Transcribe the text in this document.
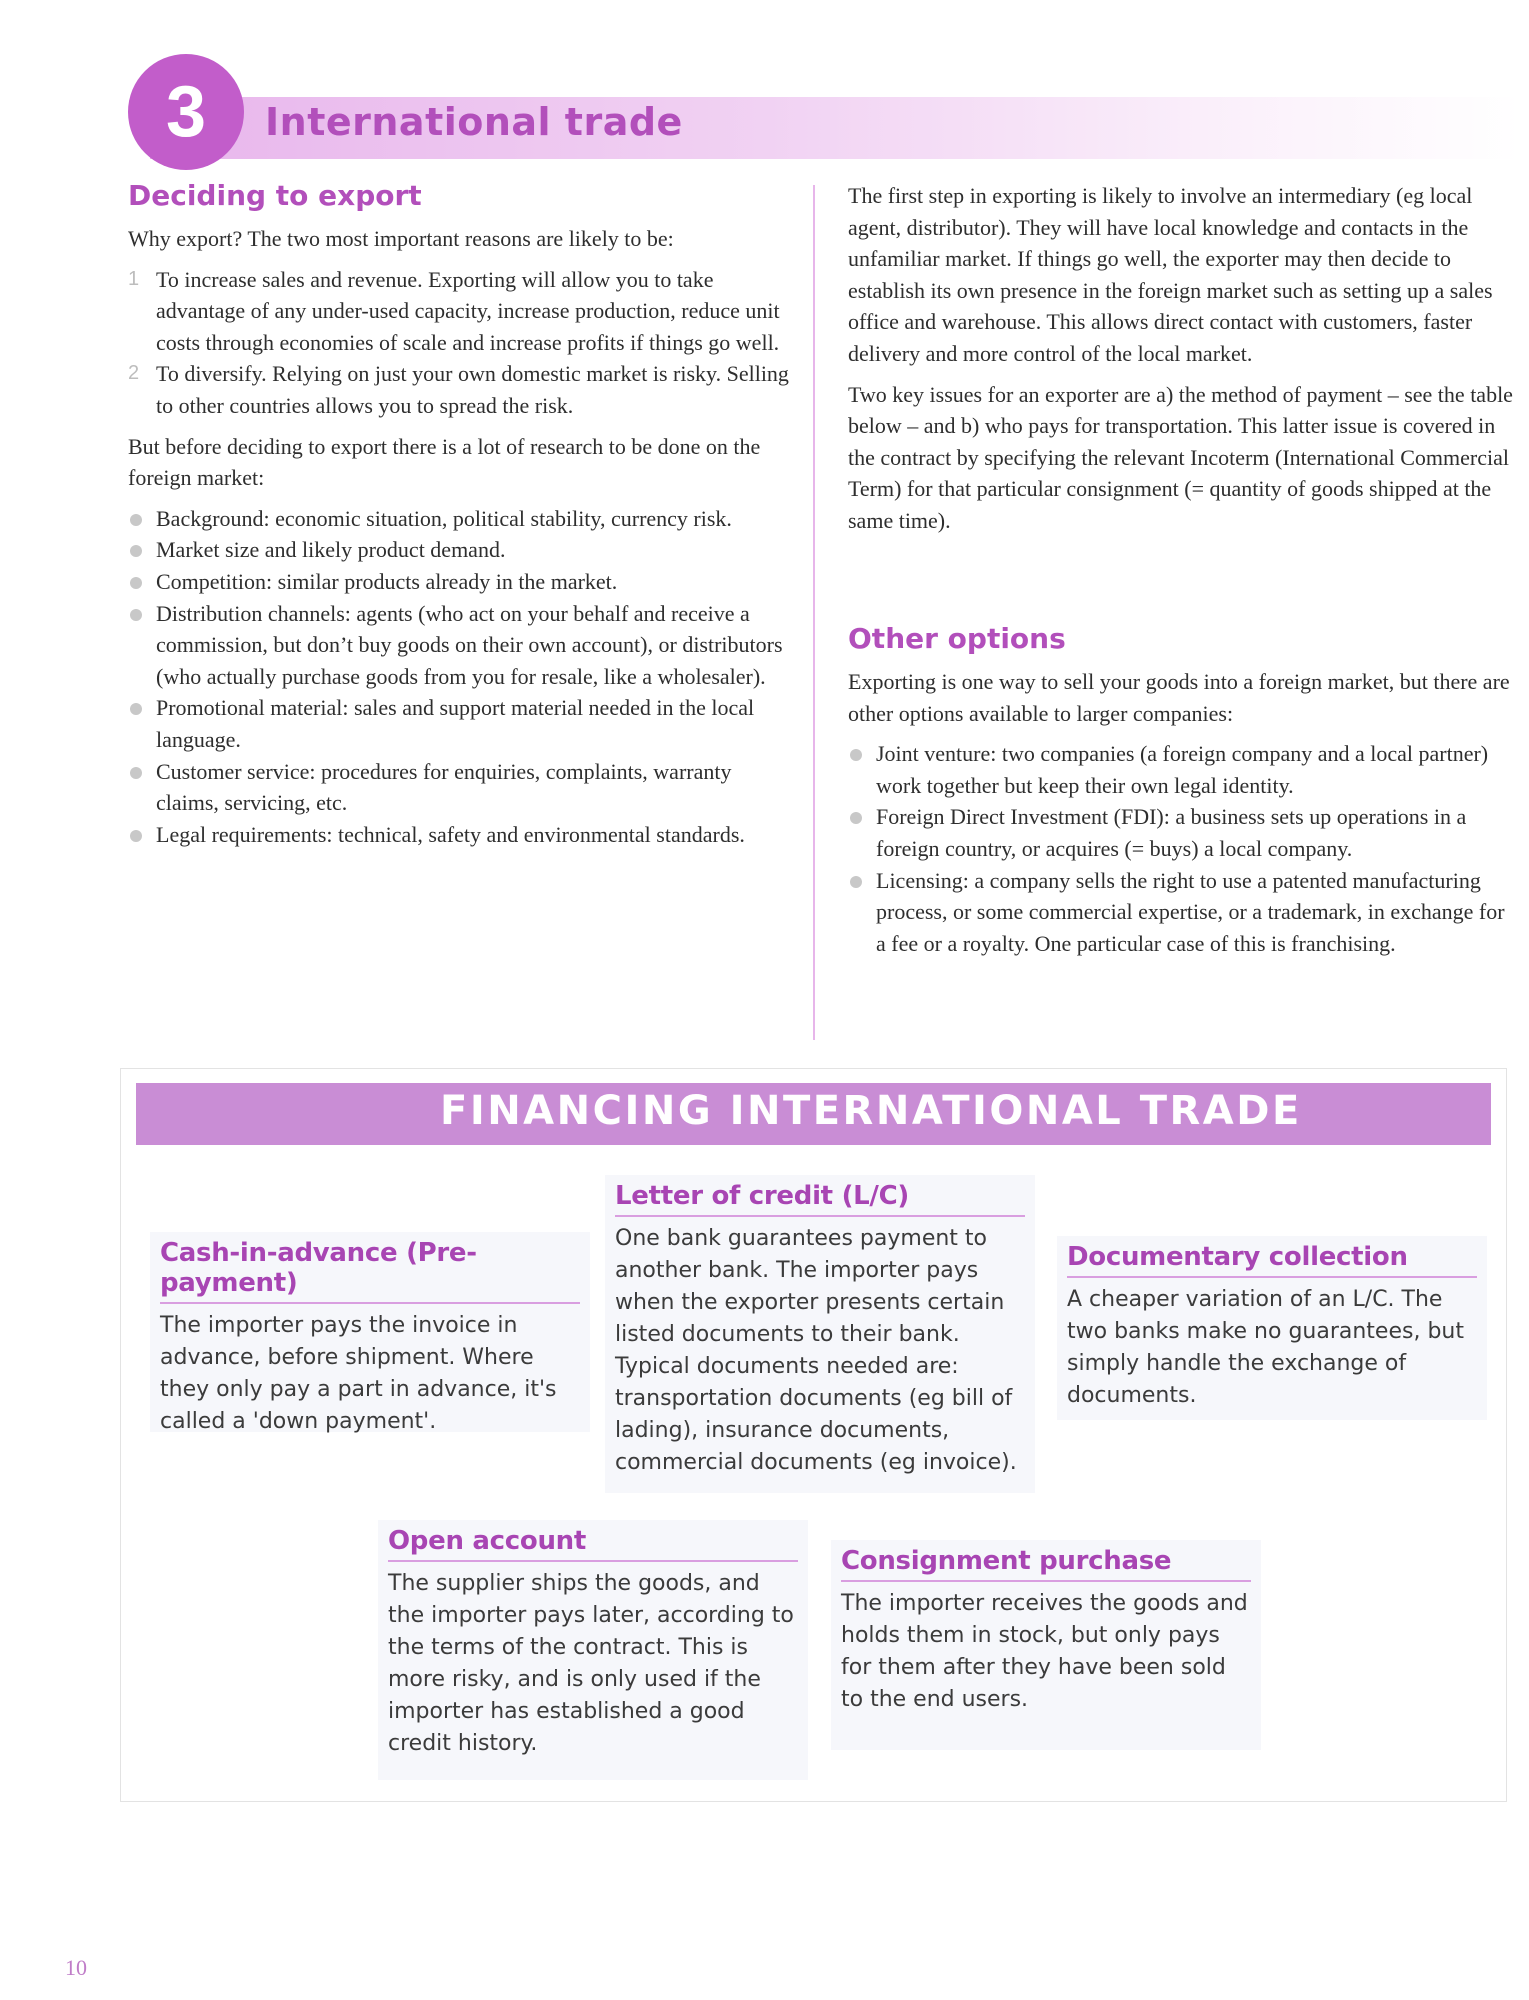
3	International trade
Deciding to export

Why export? The two most important reasons are likely to be:

1 To increase sales and revenue. Exporting will allow you to take advantage of any under-used capacity, increase production, reduce unit costs through economies of scale and increase profits if things go well.
2 To diversify. Relying on just your own domestic market is risky. Selling to other countries allows you to spread the risk.

But before deciding to export there is a lot of research to be done on the foreign market:

Background: economic situation, political stability, currency risk.
Market size and likely product demand.
Competition: similar products already in the market.
Distribution channels: agents (who act on your behalf and receive a commission, but don’t buy goods on their own account), or distributors (who actually purchase goods from you for resale, like a wholesaler).
Promotional material: sales and support material needed in the local language.
Customer service: procedures for enquiries, complaints, warranty claims, servicing, etc.
Legal requirements: technical, safety and environmental standards.

The first step in exporting is likely to involve an intermediary (eg local agent, distributor). They will have local knowledge and contacts in the unfamiliar market. If things go well, the exporter may then decide to establish its own presence in the foreign market such as setting up a sales office and warehouse. This allows direct contact with customers, faster delivery and more control of the local market.

Two key issues for an exporter are a) the method of payment – see the table below – and b) who pays for transportation. This latter issue is covered in the contract by specifying the relevant Incoterm (International Commercial Term) for that particular consignment (= quantity of goods shipped at the same time).

Other options

Exporting is one way to sell your goods into a foreign market, but there are other options available to larger companies:

Joint venture: two companies (a foreign company and a local partner) work together but keep their own legal identity.
Foreign Direct Investment (FDI): a business sets up operations in a foreign country, or acquires (= buys) a local company.
Licensing: a company sells the right to use a patented manufacturing process, or some commercial expertise, or a trademark, in exchange for a fee or a royalty. One particular case of this is franchising.
FINANCING INTERNATIONAL TRADE
Cash-in-advance (Pre-payment)

The importer pays the invoice in advance, before shipment. Where they only pay a part in advance, it's called a 'down payment'.

Letter of credit (L/C)

One bank guarantees payment to another bank. The importer pays when the exporter presents certain listed documents to their bank. Typical documents needed are: transportation documents (eg bill of lading), insurance documents, commercial documents (eg invoice).

Documentary collection

A cheaper variation of an L/C. The two banks make no guarantees, but simply handle the exchange of documents.

Open account

The supplier ships the goods, and the importer pays later, according to the terms of the contract. This is more risky, and is only used if the importer has established a good credit history.

Consignment purchase

The importer receives the goods and holds them in stock, but only pays for them after they have been sold to the end users.

10
